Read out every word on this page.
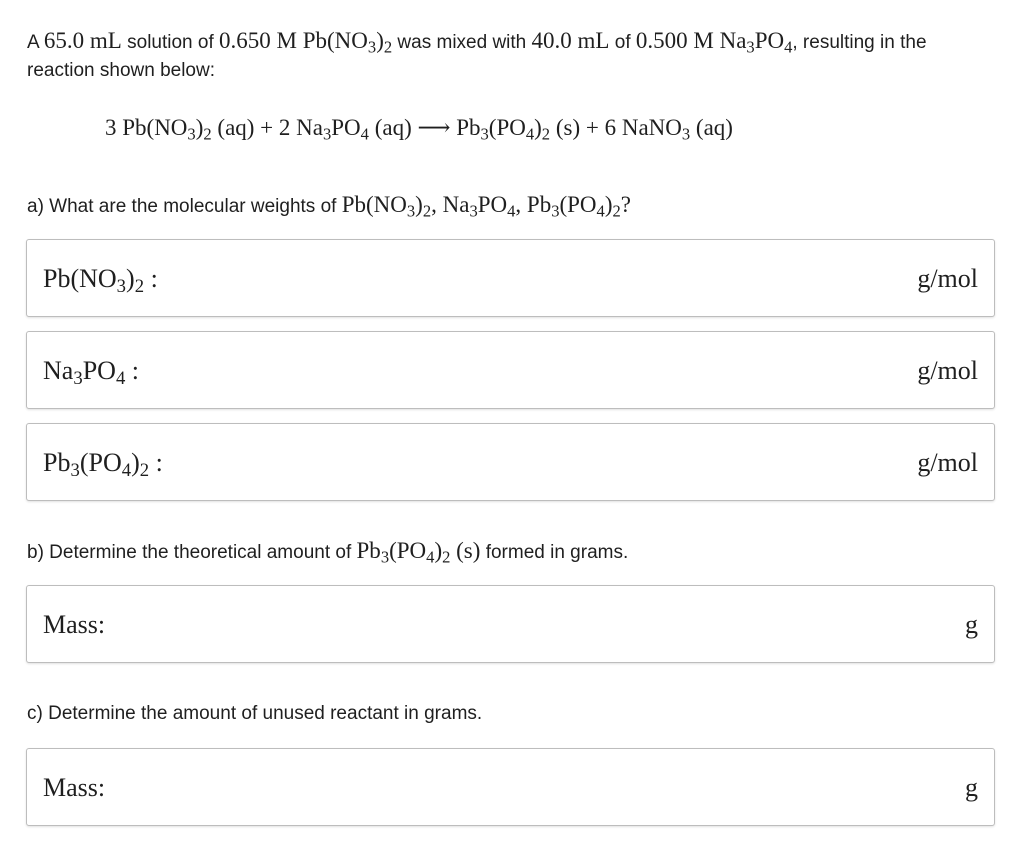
A 65.0 mL solution of 0.650 M $Pb(NO_3)_2$ was mixed with 40.0 mL of 0.500 M $Na_3PO_4$, resulting in the
reaction shown below:
3 $Pb(NO_3)_2$ (aq) + 2 $Na_3PO_4$ (aq) ⟶ $Pb_3(PO_4)_2$ (s) + 6 NaNO$_3$ (aq)
a) What are the molecular weights of $Pb(NO_3)_2$, $Na_3PO_4$, $Pb_3(PO_4)_2$?
$Pb(NO_3)_2$ :	g/mol
$Na_3PO_4$ :	g/mol
$Pb_3(PO_4)_2$ :	g/mol
b) Determine the theoretical amount of $Pb_3(PO_4)_2$ (s) formed in grams.
Mass:	g
c) Determine the amount of unused reactant in grams.
Mass:	g
